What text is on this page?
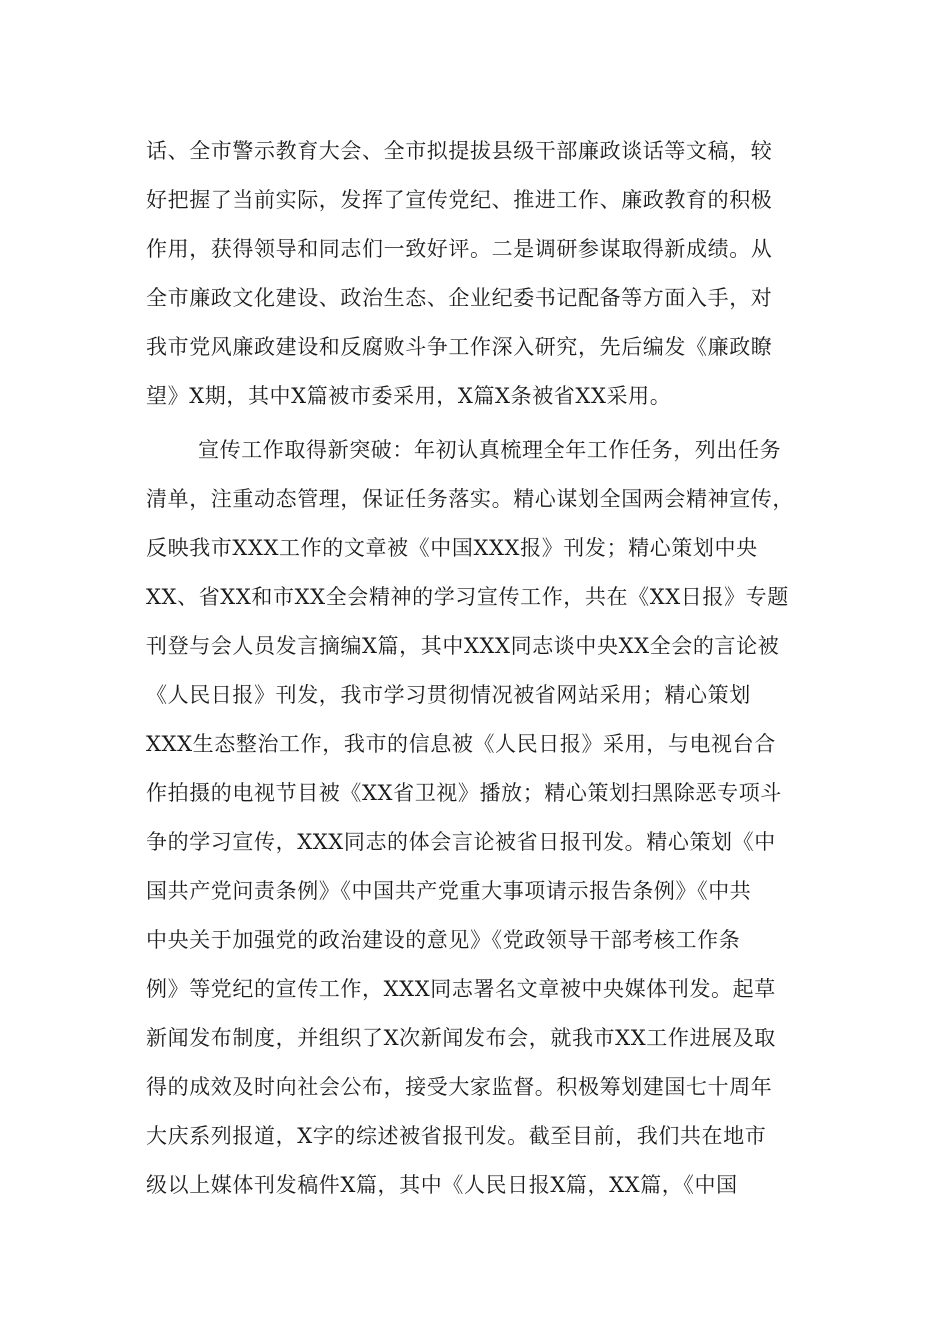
话、全市警示教育大会、全市拟提拔县级干部廉政谈话等文稿，较
好把握了当前实际，发挥了宣传党纪、推进工作、廉政教育的积极
作用，获得领导和同志们一致好评。二是调研参谋取得新成绩。从
全市廉政文化建设、政治生态、企业纪委书记配备等方面入手，对
我市党风廉政建设和反腐败斗争工作深入研究，先后编发《廉政瞭
望》X期，其中X篇被市委采用，X篇X条被省XX采用。
宣传工作取得新突破：年初认真梳理全年工作任务，列出任务
清单，注重动态管理，保证任务落实。精心谋划全国两会精神宣传，
反映我市XXX工作的文章被《中国XXX报》刊发；精心策划中央
XX、省XX和市XX全会精神的学习宣传工作，共在《XX日报》专题
刊登与会人员发言摘编X篇，其中XXX同志谈中央XX全会的言论被
《人民日报》刊发，我市学习贯彻情况被省网站采用；精心策划
XXX生态整治工作，我市的信息被《人民日报》采用，与电视台合
作拍摄的电视节目被《XX省卫视》播放；精心策划扫黑除恶专项斗
争的学习宣传，XXX同志的体会言论被省日报刊发。精心策划《中
国共产党问责条例》《中国共产党重大事项请示报告条例》《中共
中央关于加强党的政治建设的意见》《党政领导干部考核工作条
例》等党纪的宣传工作，XXX同志署名文章被中央媒体刊发。起草
新闻发布制度，并组织了X次新闻发布会，就我市XX工作进展及取
得的成效及时向社会公布，接受大家监督。积极筹划建国七十周年
大庆系列报道，X字的综述被省报刊发。截至目前，我们共在地市
级以上媒体刊发稿件X篇，其中《人民日报X篇，XX篇，《中国
